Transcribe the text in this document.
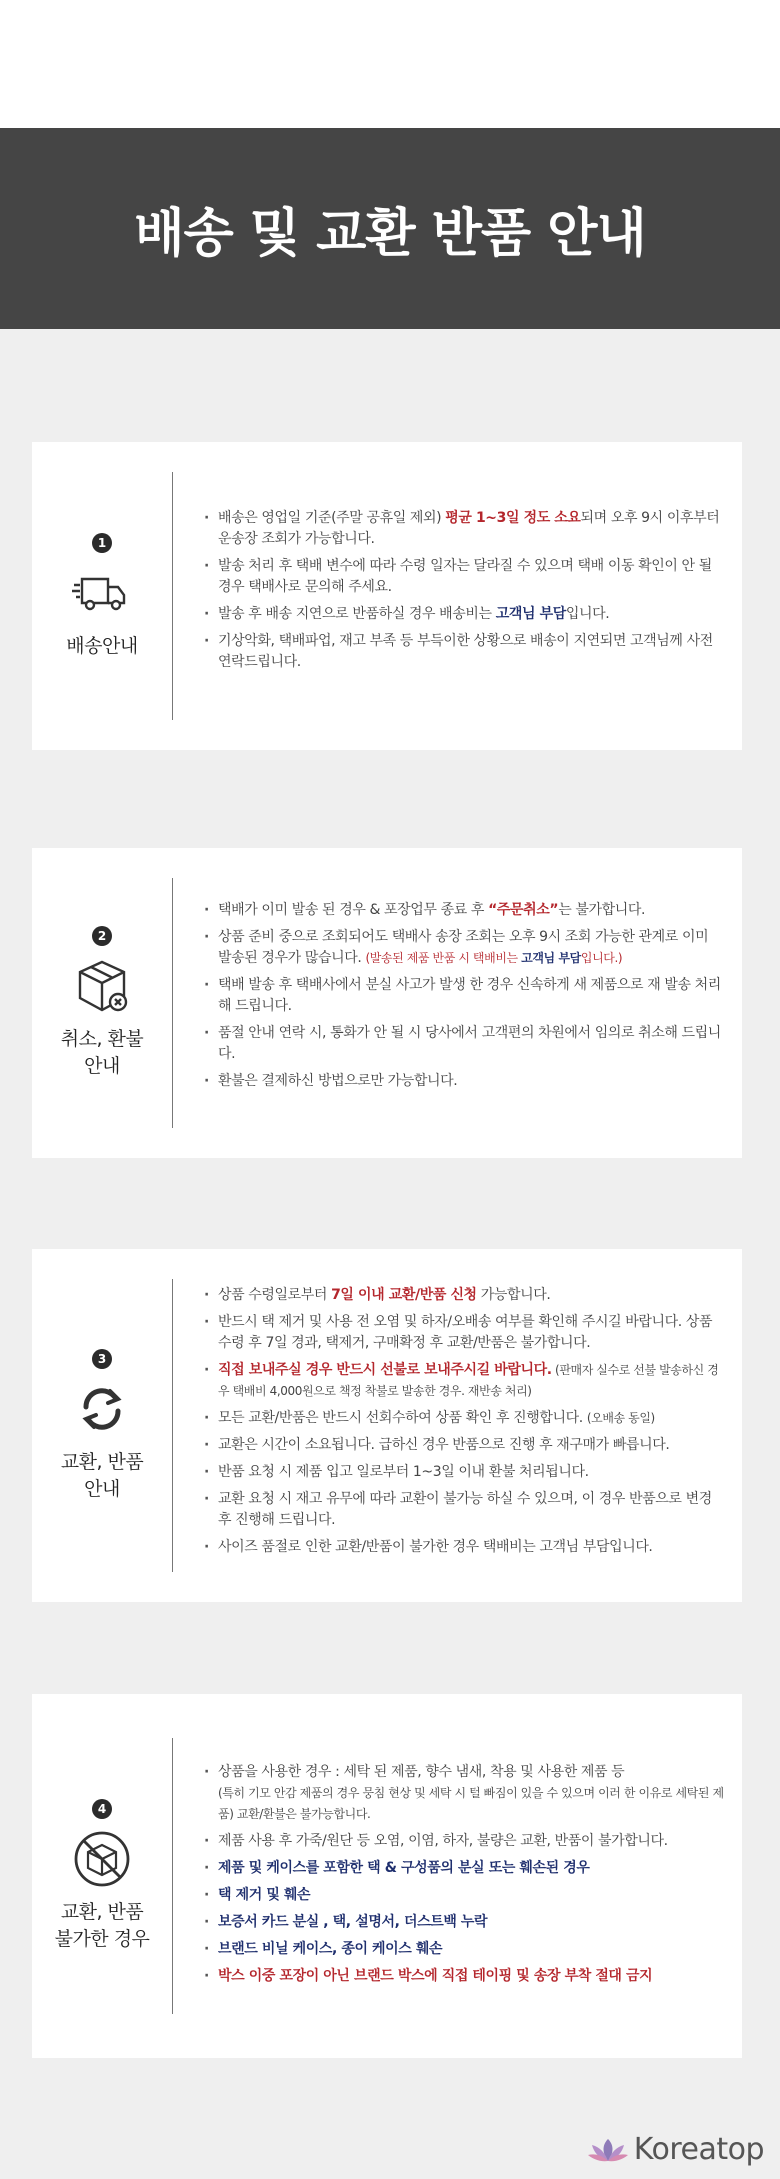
배송 및 교환 반품 안내
1
배송안내
· 배송은 영업일 기준(주말 공휴일 제외) 평균 1~3일 정도 소요되며 오후 9시 이후부터 운송장 조회가 가능합니다.
· 발송 처리 후 택배 변수에 따라 수령 일자는 달라질 수 있으며 택배 이동 확인이 안 될 경우 택배사로 문의해 주세요.
· 발송 후 배송 지연으로 반품하실 경우 배송비는 고객님 부담입니다.
· 기상악화, 택배파업, 재고 부족 등 부득이한 상황으로 배송이 지연되면 고객님께 사전 연락드립니다.
2
취소, 환불
안내
· 택배가 이미 발송 된 경우 & 포장업무 종료 후 “주문취소”는 불가합니다.
· 상품 준비 중으로 조회되어도 택배사 송장 조회는 오후 9시 조회 가능한 관계로 이미 발송된 경우가 많습니다. (발송된 제품 반품 시 택배비는 고객님 부담입니다.)
· 택배 발송 후 택배사에서 분실 사고가 발생 한 경우 신속하게 새 제품으로 재 발송 처리해 드립니다.
· 품절 안내 연락 시, 통화가 안 될 시 당사에서 고객편의 차원에서 임의로 취소해 드립니다.
· 환불은 결제하신 방법으로만 가능합니다.
3
교환, 반품
안내
· 상품 수령일로부터 7일 이내 교환/반품 신청 가능합니다.
· 반드시 택 제거 및 사용 전 오염 및 하자/오배송 여부를 확인해 주시길 바랍니다. 상품 수령 후 7일 경과, 택제거, 구매확정 후 교환/반품은 불가합니다.
· 직접 보내주실 경우 반드시 선불로 보내주시길 바랍니다. (판매자 실수로 선불 발송하신 경우 택배비 4,000원으로 책정 착불로 발송한 경우. 재반송 처리)
· 모든 교환/반품은 반드시 선회수하여 상품 확인 후 진행합니다. (오배송 동일)
· 교환은 시간이 소요됩니다. 급하신 경우 반품으로 진행 후 재구매가 빠릅니다.
· 반품 요청 시 제품 입고 일로부터 1~3일 이내 환불 처리됩니다.
· 교환 요청 시 재고 유무에 따라 교환이 불가능 하실 수 있으며, 이 경우 반품으로 변경 후 진행해 드립니다.
· 사이즈 품절로 인한 교환/반품이 불가한 경우 택배비는 고객님 부담입니다.
4
교환, 반품
불가한 경우
· 상품을 사용한 경우 : 세탁 된 제품, 향수 냄새, 착용 및 사용한 제품 등
(특히 기모 안감 제품의 경우 뭉침 현상 및 세탁 시 털 빠짐이 있을 수 있으며 이러 한 이유로 세탁된 제품) 교환/환불은 불가능합니다.
· 제품 사용 후 가죽/원단 등 오염, 이염, 하자, 불량은 교환, 반품이 불가합니다.
· 제품 및 케이스를 포함한 택 & 구성품의 분실 또는 훼손된 경우
· 택 제거 및 훼손
· 보증서 카드 분실 , 택, 설명서, 더스트백 누락
· 브랜드 비닐 케이스, 종이 케이스 훼손
· 박스 이중 포장이 아닌 브랜드 박스에 직접 테이핑 및 송장 부착 절대 금지
Koreatop
